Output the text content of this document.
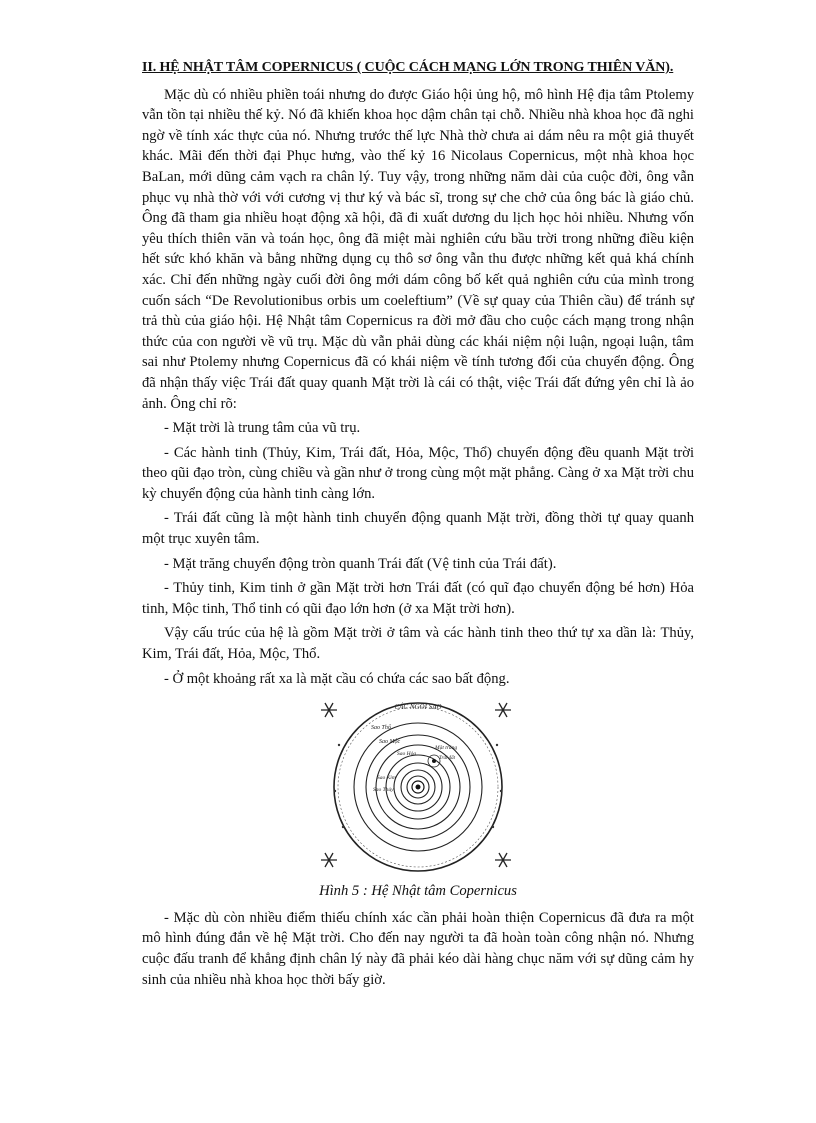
II. HỆ NHẬT TÂM COPERNICUS ( CUỘC CÁCH MẠNG LỚN TRONG THIÊN VĂN).

Mặc dù có nhiều phiền toái nhưng do được Giáo hội ủng hộ, mô hình Hệ địa tâm Ptolemy vẫn tồn tại nhiều thế kỷ. Nó đã khiến khoa học dậm chân tại chỗ. Nhiều nhà khoa học đã nghi ngờ về tính xác thực của nó. Nhưng trước thế lực Nhà thờ chưa ai dám nêu ra một giả thuyết khác. Mãi đến thời đại Phục hưng, vào thế kỷ 16 Nicolaus Copernicus, một nhà khoa học BaLan, mới dũng cảm vạch ra chân lý. Tuy vậy, trong những năm dài của cuộc đời, ông vẫn phục vụ nhà thờ với với cương vị thư ký và bác sĩ, trong sự che chở của ông bác là giáo chủ. Ông đã tham gia nhiều hoạt động xã hội, đã đi xuất dương du lịch học hỏi nhiều. Nhưng vốn yêu thích thiên văn và toán học, ông đã miệt mài nghiên cứu bầu trời trong những điều kiện hết sức khó khăn và bằng những dụng cụ thô sơ ông vẫn thu được những kết quả khá chính xác. Chỉ đến những ngày cuối đời ông mới dám công bố kết quả nghiên cứu của mình trong cuốn sách “De Revolutionibus orbis um coeleftium” (Về sự quay của Thiên cầu) để tránh sự trả thù của giáo hội. Hệ Nhật tâm Copernicus ra đời mở đầu cho cuộc cách mạng trong nhận thức của con người về vũ trụ. Mặc dù vẫn phải dùng các khái niệm nội luận, ngoại luận, tâm sai như Ptolemy nhưng Copernicus đã có khái niệm về tính tương đối của chuyển động. Ông đã nhận thấy việc Trái đất quay quanh Mặt trời là cái có thật, việc Trái đất đứng yên chỉ là ảo ảnh. Ông chỉ rõ:

- Mặt trời là trung tâm của vũ trụ.

- Các hành tinh (Thủy, Kim, Trái đất, Hỏa, Mộc, Thổ) chuyển động đều quanh Mặt trời theo qũi đạo tròn, cùng chiều và gần như ở trong cùng một mặt phẳng. Càng ở xa Mặt trời chu kỳ chuyển động của hành tinh càng lớn.

- Trái đất cũng là một hành tinh chuyển động quanh Mặt trời, đồng thời tự quay quanh một trục xuyên tâm.

- Mặt trăng chuyển động tròn quanh Trái đất (Vệ tinh của Trái đất).

- Thủy tinh, Kim tinh ở gần Mặt trời hơn Trái đất (có quĩ đạo chuyển động bé hơn) Hỏa tinh, Mộc tinh, Thổ tinh có qũi đạo lớn hơn (ở xa Mặt trời hơn).

Vậy cấu trúc của hệ là gồm Mặt trời ở tâm và các hành tinh theo thứ tự xa dần là: Thủy, Kim, Trái đất, Hỏa, Mộc, Thổ.

- Ở một khoảng rất xa là mặt cầu có chứa các sao bất động.

CÁC NGÔI SAO
Sao Thổ
Sao Mộc
Sao Hỏa
Mặt trăng
Trái đất
Sao Kim
Sao Thủy

Hình 5 : Hệ Nhật tâm Copernicus

- Mặc dù còn nhiều điểm thiếu chính xác cần phải hoàn thiện Copernicus đã đưa ra một mô hình đúng đắn về hệ Mặt trời. Cho đến nay người ta đã hoàn toàn công nhận nó. Nhưng cuộc đấu tranh để khẳng định chân lý này đã phải kéo dài hàng chục năm với sự dũng cảm hy sinh của nhiều nhà khoa học thời bấy giờ.
